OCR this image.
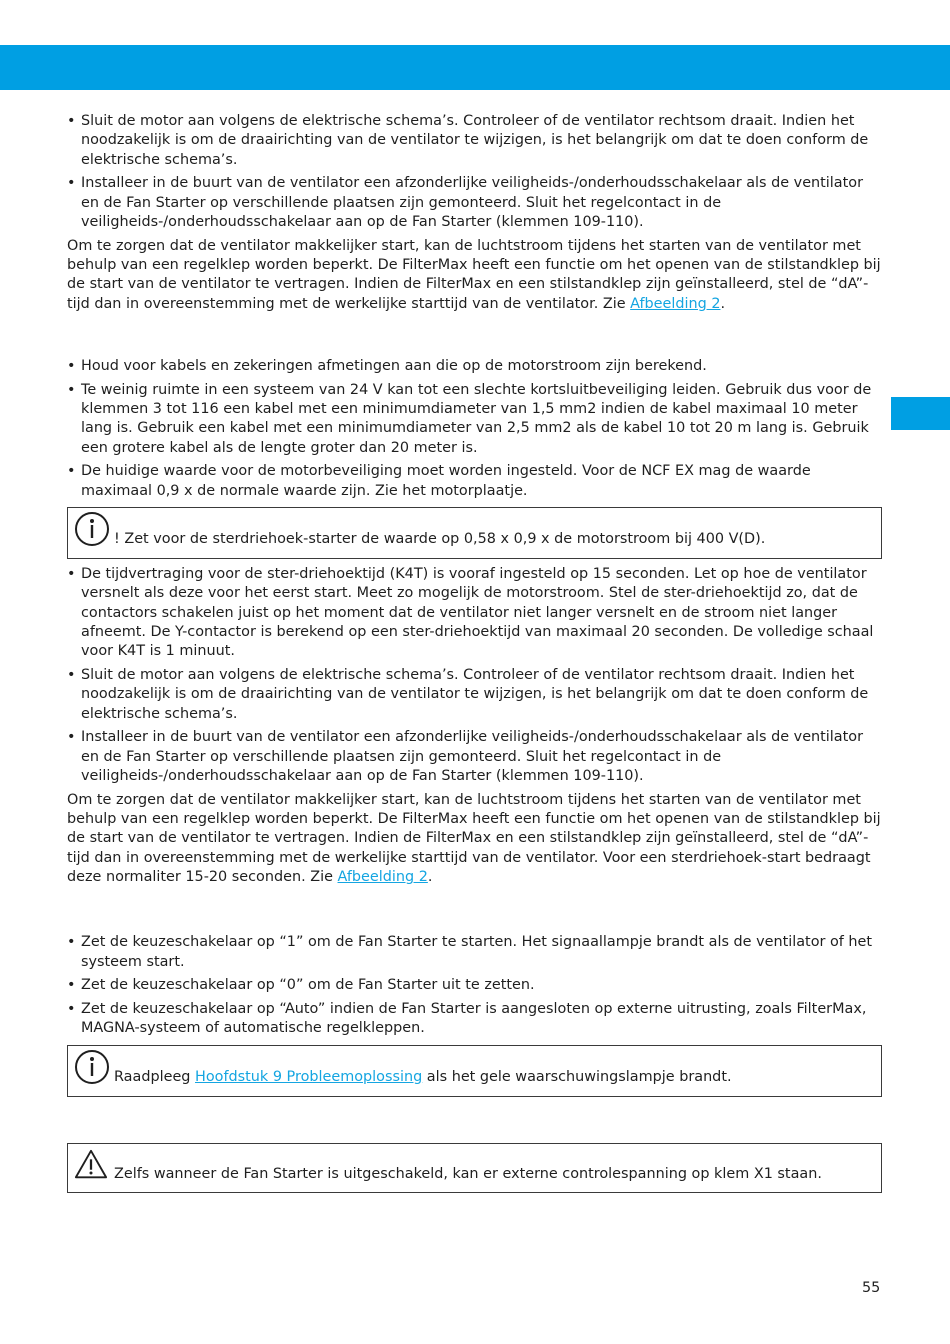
• Sluit de motor aan volgens de elektrische schema’s. Controleer of de ventilator rechtsom draait. Indien het noodzakelijk is om de draairichting van de ventilator te wijzigen, is het belangrijk om dat te doen conform de elektrische schema’s.
• Installeer in de buurt van de ventilator een afzonderlijke veiligheids-/onderhoudsschakelaar als de ventilator en de Fan Starter op verschillende plaatsen zijn gemonteerd. Sluit het regelcontact in de veiligheids-/onderhoudsschakelaar aan op de Fan Starter (klemmen 109-110).

Om te zorgen dat de ventilator makkelijker start, kan de luchtstroom tijdens het starten van de ventilator met behulp van een regelklep worden beperkt. De FilterMax heeft een functie om het openen van de stilstandklep bij de start van de ventilator te vertragen. Indien de FilterMax en een stilstandklep zijn geïnstalleerd, stel de “dA”-tijd dan in overeenstemming met de werkelijke starttijd van de ventilator. Zie Afbeelding 2.

• Houd voor kabels en zekeringen afmetingen aan die op de motorstroom zijn berekend.
• Te weinig ruimte in een systeem van 24 V kan tot een slechte kortsluitbeveiliging leiden. Gebruik dus voor de klemmen 3 tot 116 een kabel met een minimumdiameter van 1,5 mm2 indien de kabel maximaal 10 meter lang is. Gebruik een kabel met een minimumdiameter van 2,5 mm2 als de kabel 10 tot 20 m lang is. Gebruik een grotere kabel als de lengte groter dan 20 meter is.
• De huidige waarde voor de motorbeveiliging moet worden ingesteld. Voor de NCF EX mag de waarde maximaal 0,9 x de normale waarde zijn. Zie het motorplaatje.
! Zet voor de sterdriehoek-starter de waarde op 0,58 x 0,9 x de motorstroom bij 400 V(D).
• De tijdvertraging voor de ster-driehoektijd (K4T) is vooraf ingesteld op 15 seconden. Let op hoe de ventilator versnelt als deze voor het eerst start. Meet zo mogelijk de motorstroom. Stel de ster-driehoektijd zo, dat de contactors schakelen juist op het moment dat de ventilator niet langer versnelt en de stroom niet langer afneemt. De Y-contactor is berekend op een ster-driehoektijd van maximaal 20 seconden. De volledige schaal voor K4T is 1 minuut.
• Sluit de motor aan volgens de elektrische schema’s. Controleer of de ventilator rechtsom draait. Indien het noodzakelijk is om de draairichting van de ventilator te wijzigen, is het belangrijk om dat te doen conform de elektrische schema’s.
• Installeer in de buurt van de ventilator een afzonderlijke veiligheids-/onderhoudsschakelaar als de ventilator en de Fan Starter op verschillende plaatsen zijn gemonteerd. Sluit het regelcontact in de veiligheids-/onderhoudsschakelaar aan op de Fan Starter (klemmen 109-110).

Om te zorgen dat de ventilator makkelijker start, kan de luchtstroom tijdens het starten van de ventilator met behulp van een regelklep worden beperkt. De FilterMax heeft een functie om het openen van de stilstandklep bij de start van de ventilator te vertragen. Indien de FilterMax en een stilstandklep zijn geïnstalleerd, stel de “dA”-tijd dan in overeenstemming met de werkelijke starttijd van de ventilator. Voor een sterdriehoek-start bedraagt deze normaliter 15-20 seconden. Zie Afbeelding 2.

• Zet de keuzeschakelaar op “1” om de Fan Starter te starten. Het signaallampje brandt als de ventilator of het systeem start.
• Zet de keuzeschakelaar op “0” om de Fan Starter uit te zetten.
• Zet de keuzeschakelaar op “Auto” indien de Fan Starter is aangesloten op externe uitrusting, zoals FilterMax, MAGNA-systeem of automatische regelkleppen.
Raadpleeg Hoofdstuk 9 Probleemoplossing als het gele waarschuwingslampje brandt.
Zelfs wanneer de Fan Starter is uitgeschakeld, kan er externe controlespanning op klem X1 staan.
55
